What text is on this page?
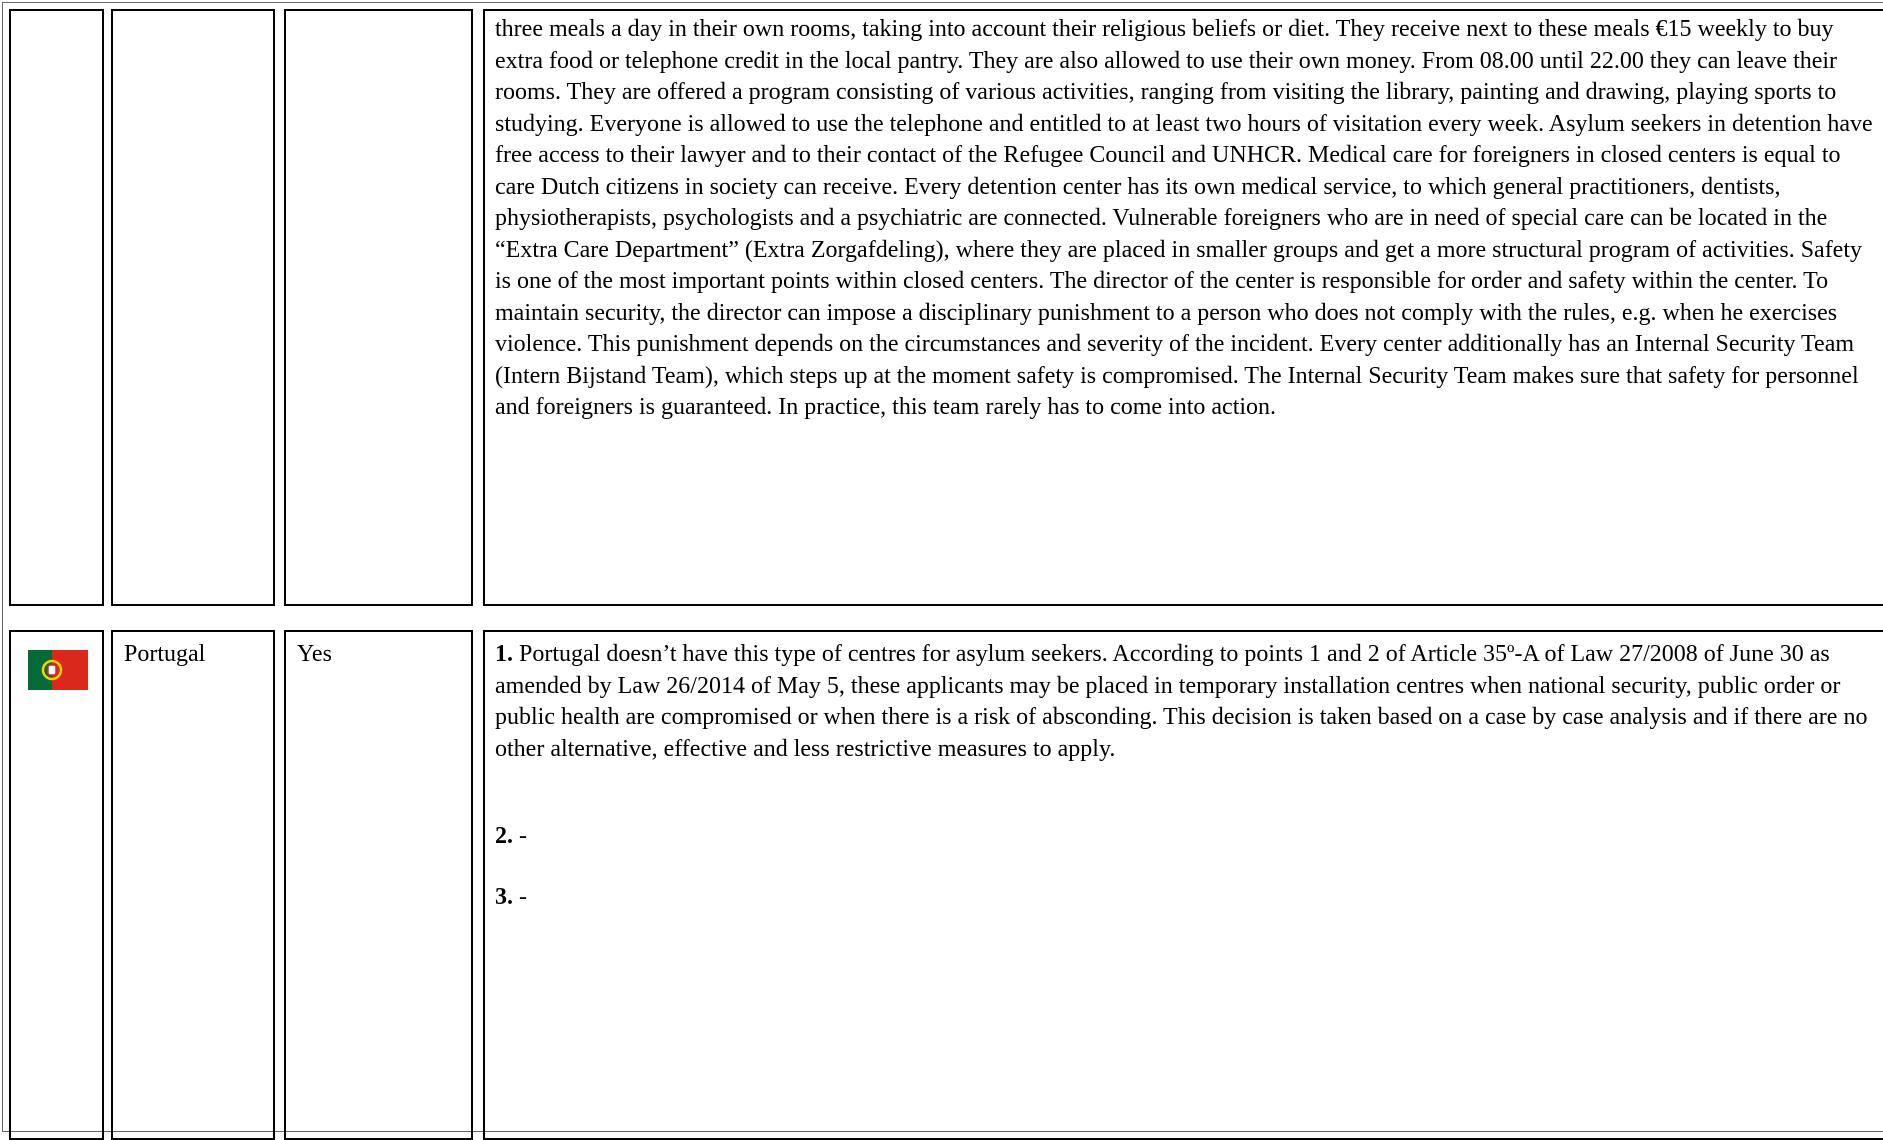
three meals a day in their own rooms, taking into account their religious beliefs or diet. They receive next to these meals €15 weekly to buy extra food or telephone credit in the local pantry. They are also allowed to use their own money. From 08.00 until 22.00 they can leave their rooms. They are offered a program consisting of various activities, ranging from visiting the library, painting and drawing, playing sports to studying. Everyone is allowed to use the telephone and entitled to at least two hours of visitation every week. Asylum seekers in detention have free access to their lawyer and to their contact of the Refugee Council and UNHCR. Medical care for foreigners in closed centers is equal to care Dutch citizens in society can receive. Every detention center has its own medical service, to which general practitioners, dentists, physiotherapists, psychologists and a psychiatric are connected. Vulnerable foreigners who are in need of special care can be located in the “Extra Care Department” (Extra Zorgafdeling), where they are placed in smaller groups and get a more structural program of activities. Safety is one of the most important points within closed centers. The director of the center is responsible for order and safety within the center. To maintain security, the director can impose a disciplinary punishment to a person who does not comply with the rules, e.g. when he exercises violence. This punishment depends on the circumstances and severity of the incident. Every center additionally has an Internal Security Team (Intern Bijstand Team), which steps up at the moment safety is compromised. The Internal Security Team makes sure that safety for personnel and foreigners is guaranteed. In practice, this team rarely has to come into action.

Portugal	Yes	1. Portugal doesn’t have this type of centres for asylum seekers. According to points 1 and 2 of Article 35º-A of Law 27/2008 of June 30 as amended by Law 26/2014 of May 5, these applicants may be placed in temporary installation centres when national security, public order or public health are compromised or when there is a risk of absconding. This decision is taken based on a case by case analysis and if there are no other alternative, effective and less restrictive measures to apply.

2. -

3. -
